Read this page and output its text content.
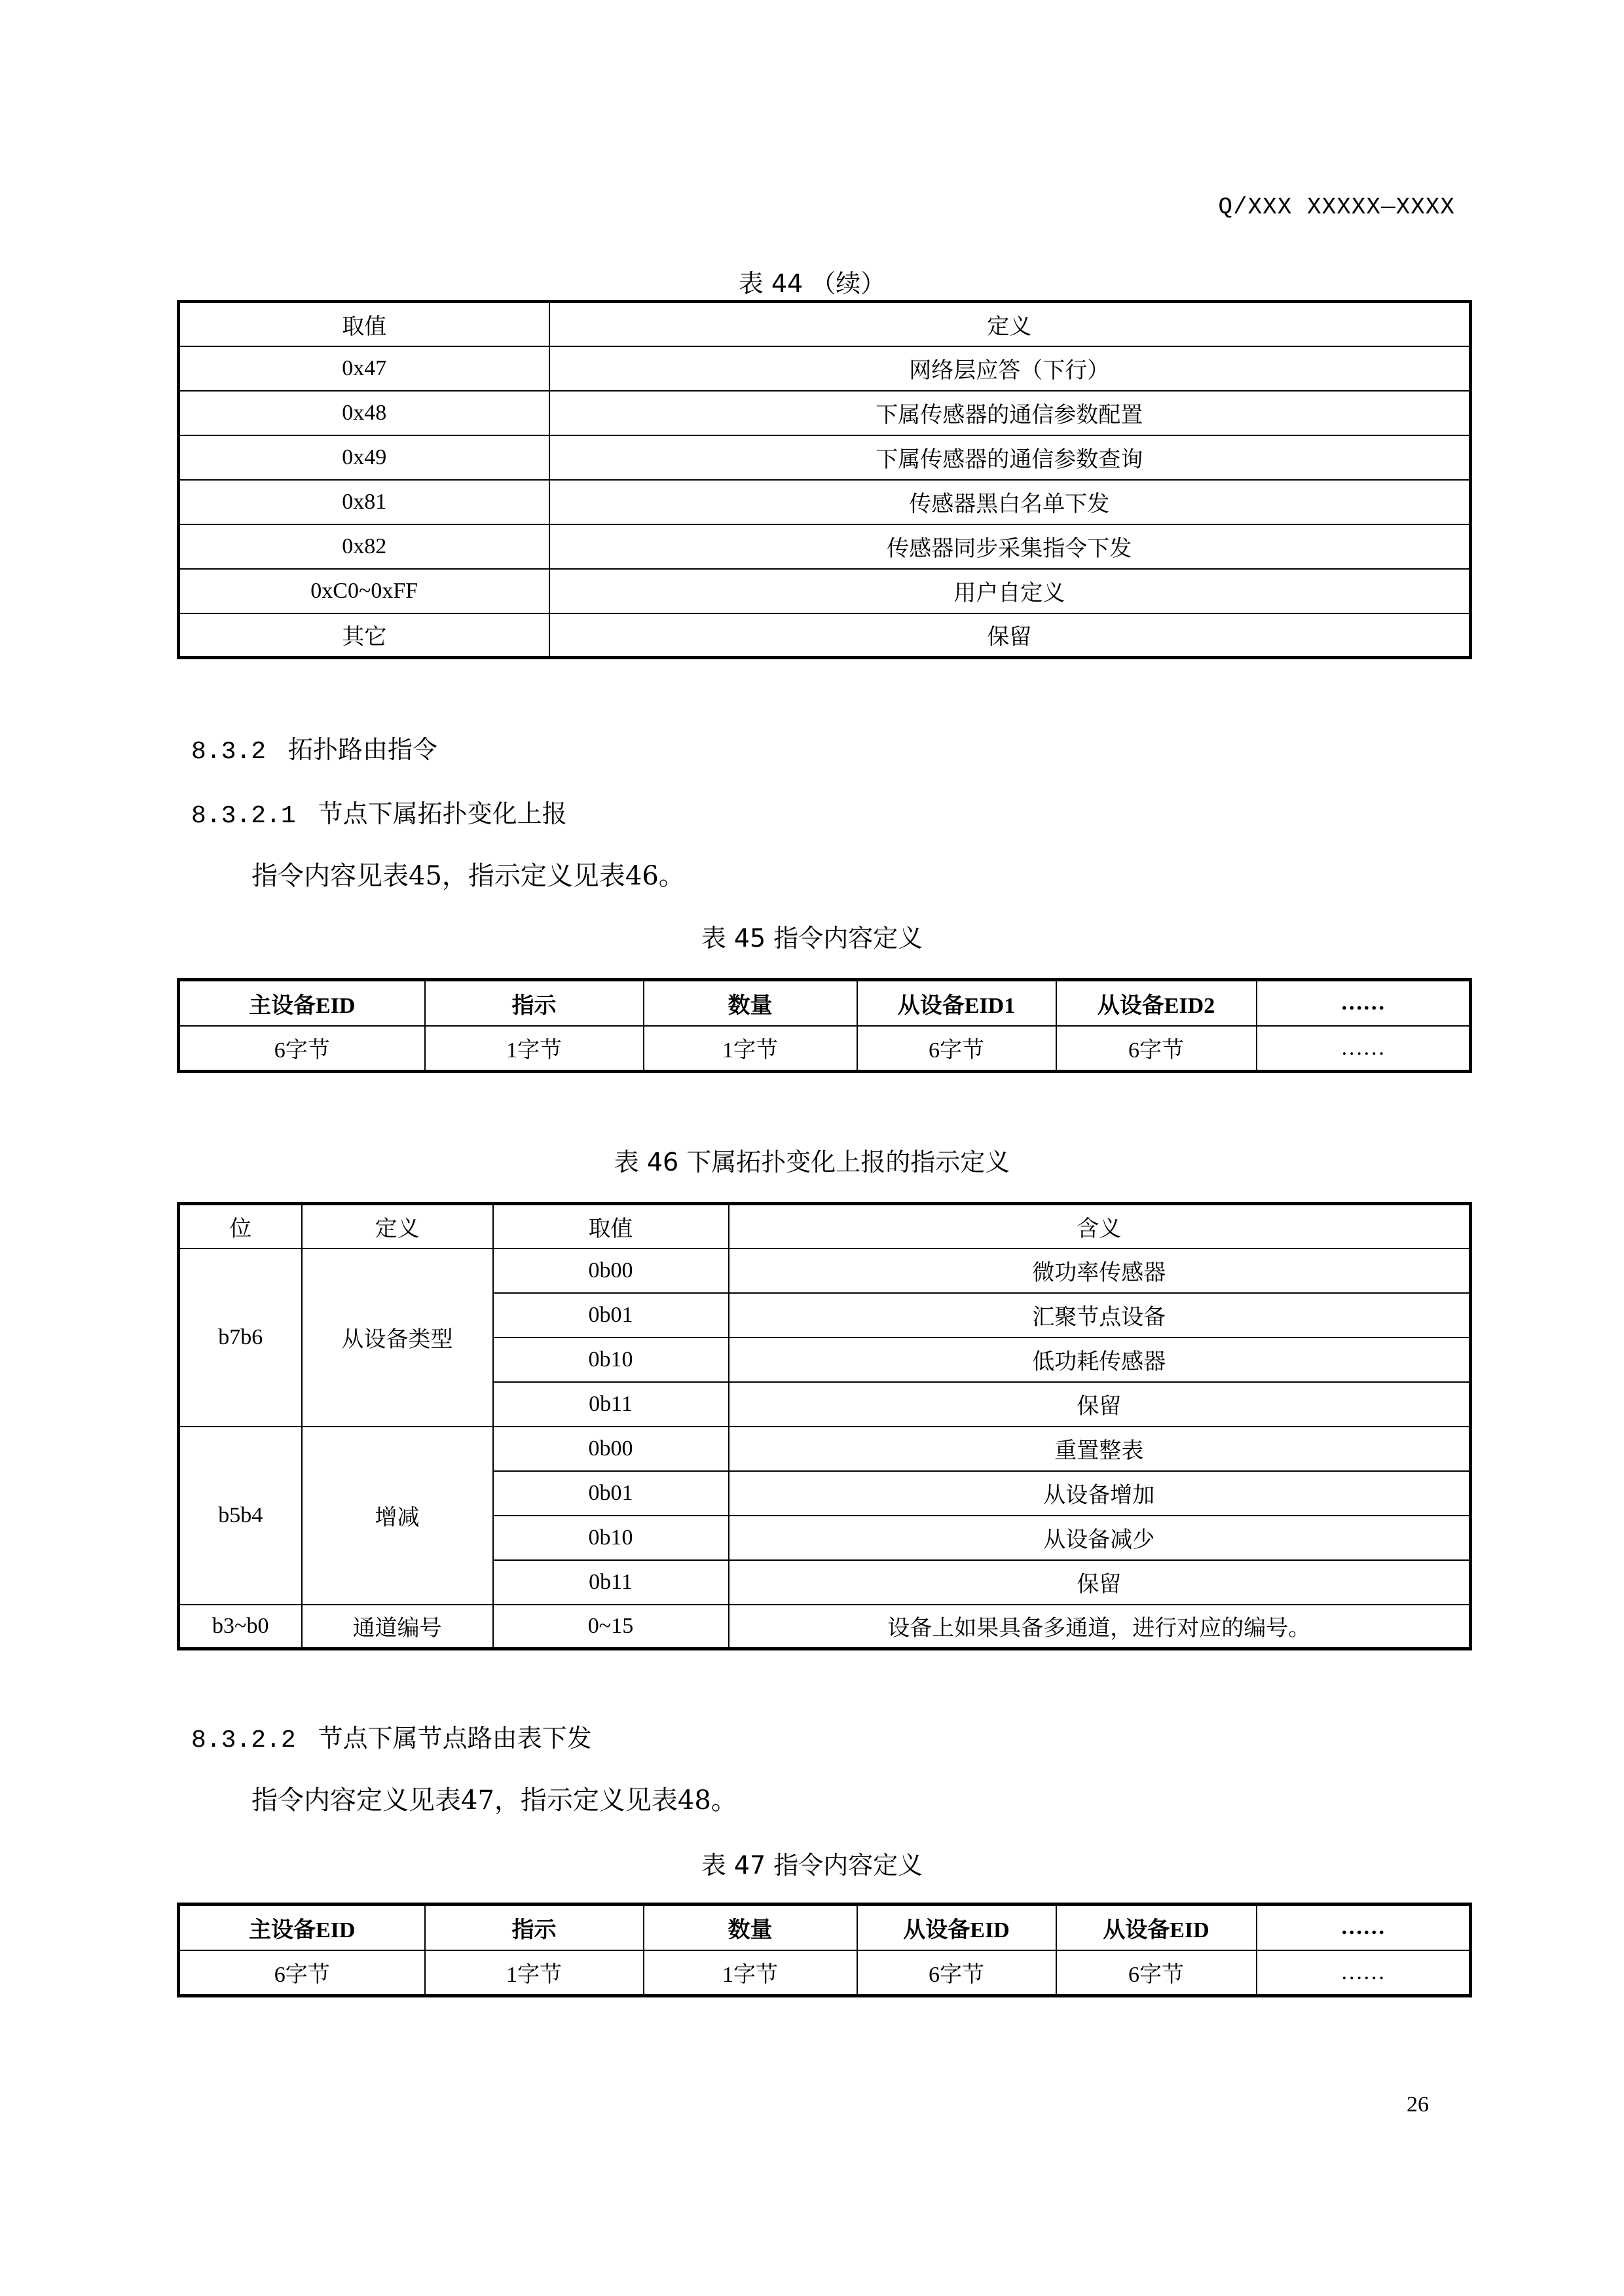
Q/XXX XXXXX—XXXX
表 44 （续）
取值	定义
0x47	网络层应答（下行）
0x48	下属传感器的通信参数配置
0x49	下属传感器的通信参数查询
0x81	传感器黑白名单下发
0x82	传感器同步采集指令下发
0xC0~0xFF	用户自定义
其它	保留
8.3.2 拓扑路由指令
8.3.2.1 节点下属拓扑变化上报
指令内容见表45，指示定义见表46。
表 45 指令内容定义
主设备EID	指示	数量	从设备EID1	从设备EID2	……
6字节	1字节	1字节	6字节	6字节	……
表 46 下属拓扑变化上报的指示定义
位	定义	取值	含义
b7b6	从设备类型	0b00	微功率传感器
		0b01	汇聚节点设备
		0b10	低功耗传感器
		0b11	保留
b5b4	增减	0b00	重置整表
		0b01	从设备增加
		0b10	从设备减少
		0b11	保留
b3~b0	通道编号	0~15	设备上如果具备多通道，进行对应的编号。
8.3.2.2 节点下属节点路由表下发
指令内容定义见表47，指示定义见表48。
表 47 指令内容定义
主设备EID	指示	数量	从设备EID	从设备EID	……
6字节	1字节	1字节	6字节	6字节	……
26
